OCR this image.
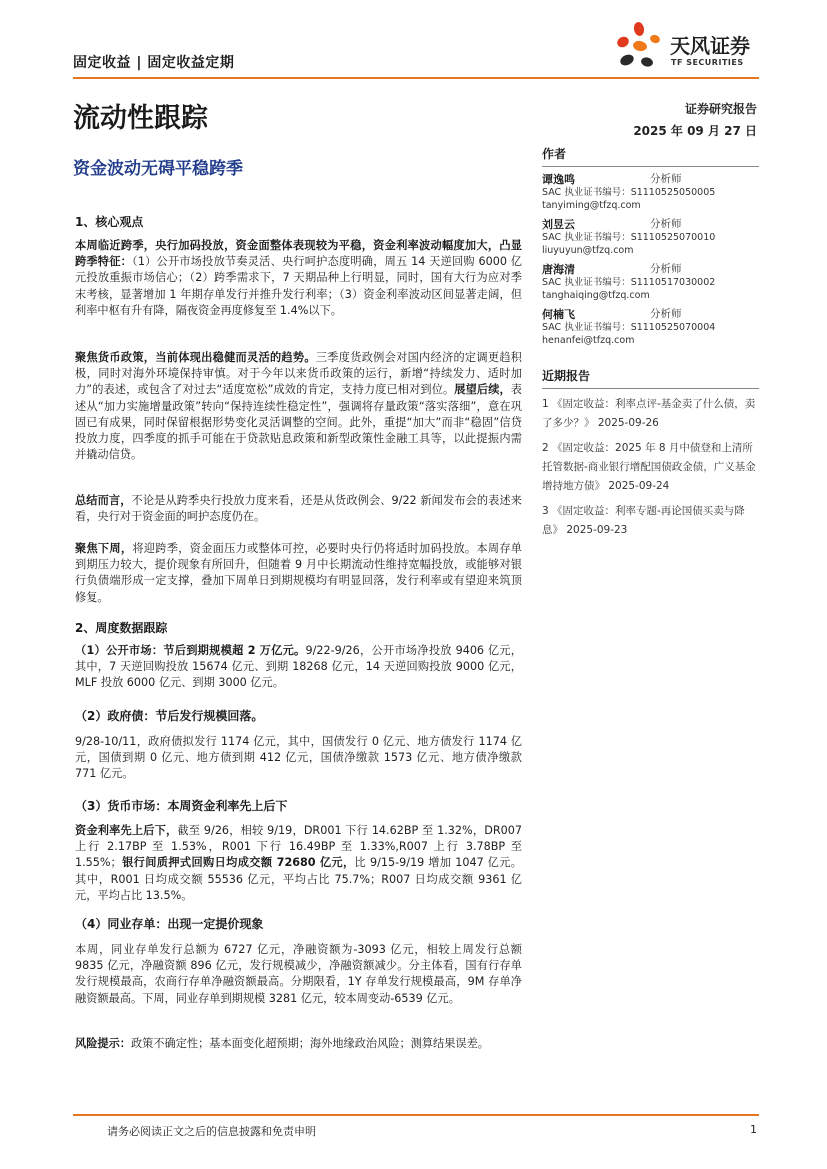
固定收益 | 固定收益定期
天风证券
TF SECURITIES
流动性跟踪	证券研究报告
2025 年 09 月 27 日
资金波动无碍平稳跨季
作者
谭逸鸣	分析师
SAC 执业证书编号：S1110525050005
tanyiming@tfzq.com
刘昱云	分析师
SAC 执业证书编号：S1110525070010
liuyuyun@tfzq.com
唐海清	分析师
SAC 执业证书编号：S1110517030002
tanghaiqing@tfzq.com
何楠飞	分析师
SAC 执业证书编号：S1110525070004
henanfei@tfzq.com
近期报告
1 《固定收益：利率点评-基金卖了什么债，卖了多少？》 2025-09-26
2 《固定收益：2025 年 8 月中债登和上清所托管数据-商业银行增配国债政金债，广义基金增持地方债》 2025-09-24
3 《固定收益：利率专题-再论国债买卖与降息》 2025-09-23
1、核心观点
本周临近跨季，央行加码投放，资金面整体表现较为平稳，资金利率波动幅度加大，凸显跨季特征：（1）公开市场投放节奏灵活、央行呵护态度明确，周五 14 天逆回购 6000 亿元投放重振市场信心；（2）跨季需求下，7 天期品种上行明显，同时，国有大行为应对季末考核，显著增加 1 年期存单发行并推升发行利率；（3）资金利率波动区间显著走阔，但利率中枢有升有降，隔夜资金再度修复至 1.4%以下。
聚焦货币政策，当前体现出稳健而灵活的趋势。三季度货政例会对国内经济的定调更趋积极，同时对海外环境保持审慎。对于今年以来货币政策的运行，新增“持续发力、适时加力”的表述，或包含了对过去“适度宽松”成效的肯定，支持力度已相对到位。展望后续，表述从“加力实施增量政策”转向“保持连续性稳定性”，强调将存量政策“落实落细”，意在巩固已有成果，同时保留根据形势变化灵活调整的空间。此外，重提“加大”而非“稳固”信贷投放力度，四季度的抓手可能在于贷款贴息政策和新型政策性金融工具等，以此提振内需并撬动信贷。
总结而言，不论是从跨季央行投放力度来看，还是从货政例会、9/22 新闻发布会的表述来看，央行对于资金面的呵护态度仍在。
聚焦下周，将迎跨季，资金面压力或整体可控，必要时央行仍将适时加码投放。本周存单到期压力较大，提价现象有所回升，但随着 9 月中长期流动性维持宽幅投放，或能够对银行负债端形成一定支撑，叠加下周单日到期规模均有明显回落，发行利率或有望迎来筑顶修复。
2、周度数据跟踪
（1）公开市场：节后到期规模超 2 万亿元。9/22-9/26，公开市场净投放 9406 亿元，其中，7 天逆回购投放 15674 亿元、到期 18268 亿元，14 天逆回购投放 9000 亿元，MLF 投放 6000 亿元、到期 3000 亿元。
（2）政府债：节后发行规模回落。
9/28-10/11，政府债拟发行 1174 亿元，其中，国债发行 0 亿元、地方债发行 1174 亿元，国债到期 0 亿元、地方债到期 412 亿元，国债净缴款 1573 亿元、地方债净缴款 771 亿元。
（3）货币市场：本周资金利率先上后下
资金利率先上后下，截至 9/26，相较 9/19，DR001 下行 14.62BP 至 1.32%，DR007 上行 2.17BP 至 1.53%，R001 下行 16.49BP 至 1.33%,R007 上行 3.78BP 至 1.55%；银行间质押式回购日均成交额 72680 亿元，比 9/15-9/19 增加 1047 亿元。其中，R001 日均成交额 55536 亿元，平均占比 75.7%；R007 日均成交额 9361 亿元，平均占比 13.5%。
（4）同业存单：出现一定提价现象
本周，同业存单发行总额为 6727 亿元，净融资额为-3093 亿元，相较上周发行总额 9835 亿元，净融资额 896 亿元，发行规模减少，净融资额减少。分主体看，国有行存单发行规模最高，农商行存单净融资额最高。分期限看，1Y 存单发行规模最高，9M 存单净融资额最高。下周，同业存单到期规模 3281 亿元，较本周变动-6539 亿元。
风险提示：政策不确定性；基本面变化超预期；海外地缘政治风险；测算结果误差。
请务必阅读正文之后的信息披露和免责申明	1
